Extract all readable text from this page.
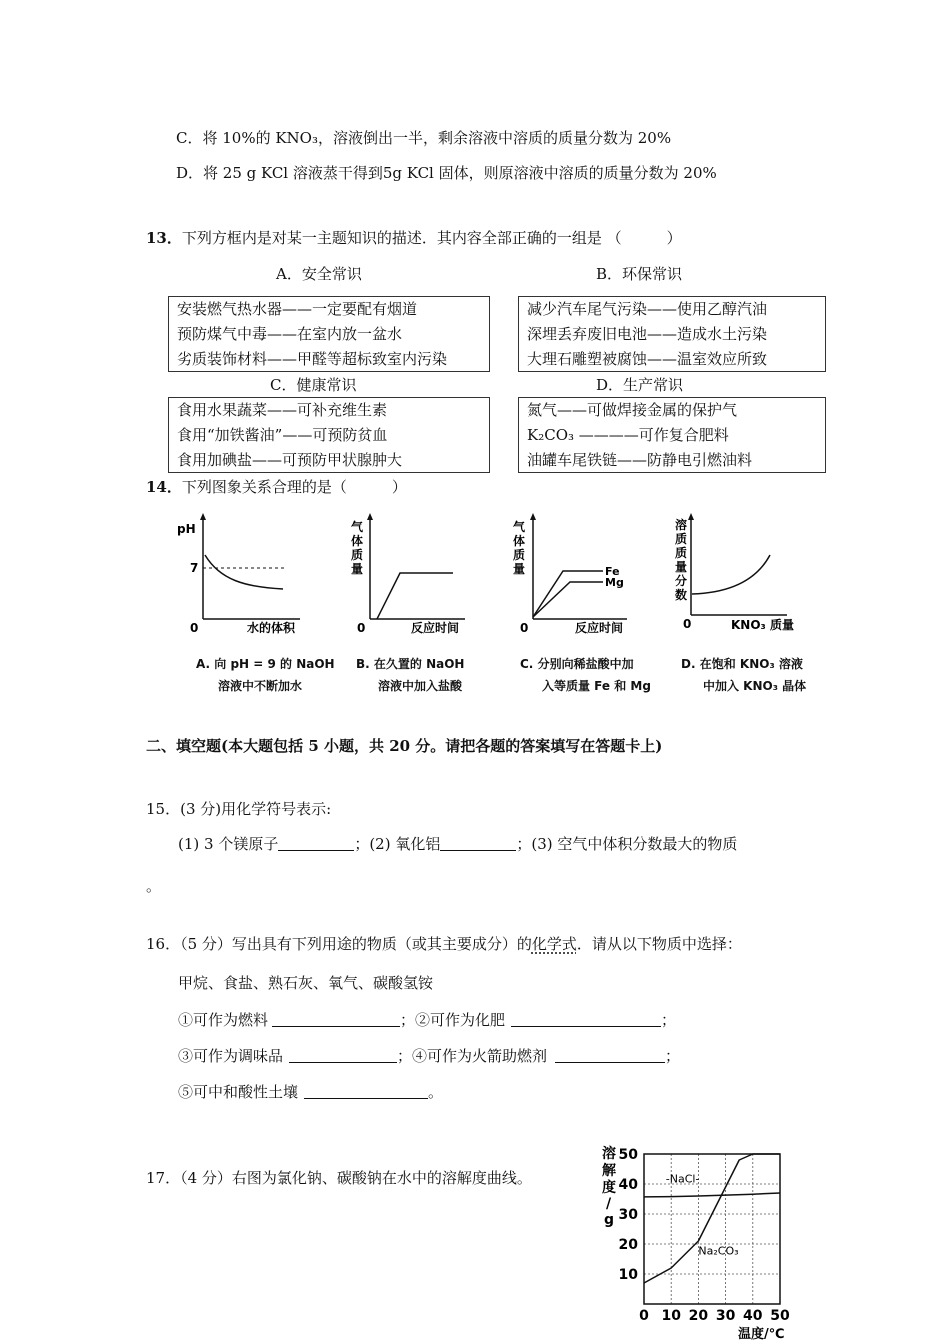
C．将 10%的 KNO₃，溶液倒出一半，剩余溶液中溶质的质量分数为 20%
D．将 25 g KCl 溶液蒸干得到5g KCl 固体，则原溶液中溶质的质量分数为 20%
13．下列方框内是对某一主题知识的描述．其内容全部正确的一组是 （　　　）
A．安全常识	B．环保常识
安装燃气热水器——一定要配有烟道
预防煤气中毒——在室内放一盆水
劣质装饰材料——甲醛等超标致室内污染
减少汽车尾气污染——使用乙醇汽油
深埋丢弃废旧电池——造成水土污染
大理石雕塑被腐蚀——温室效应所致
C．健康常识	D．生产常识
食用水果蔬菜——可补充维生素
食用“加铁酱油”——可预防贫血
食用加碘盐——可预防甲状腺肿大
氮气——可做焊接金属的保护气
K₂CO₃ ————可作复合肥料
油罐车尾铁链——防静电引燃油料
14．下列图象关系合理的是（　　　）
pH
7
0	水的体积
气
体
质
量
0	反应时间
气
体
质
量	Fe
Mg
0	反应时间
溶
质
质
量
分
数
0	KNO₃ 质量
A. 向 pH = 9 的 NaOH
溶液中不断加水
B. 在久置的 NaOH
溶液中加入盐酸
C. 分别向稀盐酸中加
入等质量 Fe 和 Mg
D. 在饱和 KNO₃ 溶液
中加入 KNO₃ 晶体
二、填空题(本大题包括 5 小题，共 20 分。请把各题的答案填写在答题卡上)
15．(3 分)用化学符号表示:
(1) 3 个镁原子	；(2) 氧化铝	；(3) 空气中体积分数最大的物质
。
16．（5 分）写出具有下列用途的物质（或其主要成分）的化学式．请从以下物质中选择：
甲烷、食盐、熟石灰、氧气、碳酸氢铵
①可作为燃料	；②可作为化肥	；
③可作为调味品	；④可作为火箭助燃剂	；
⑤可中和酸性土壤	。
17．（4 分）右图为氯化钠、碳酸钠在水中的溶解度曲线。
溶
解
度
/
g
温度/℃
0 10 20 30 40 50
10
20
30
40
50
-NaCl-
Na₂CO₃
